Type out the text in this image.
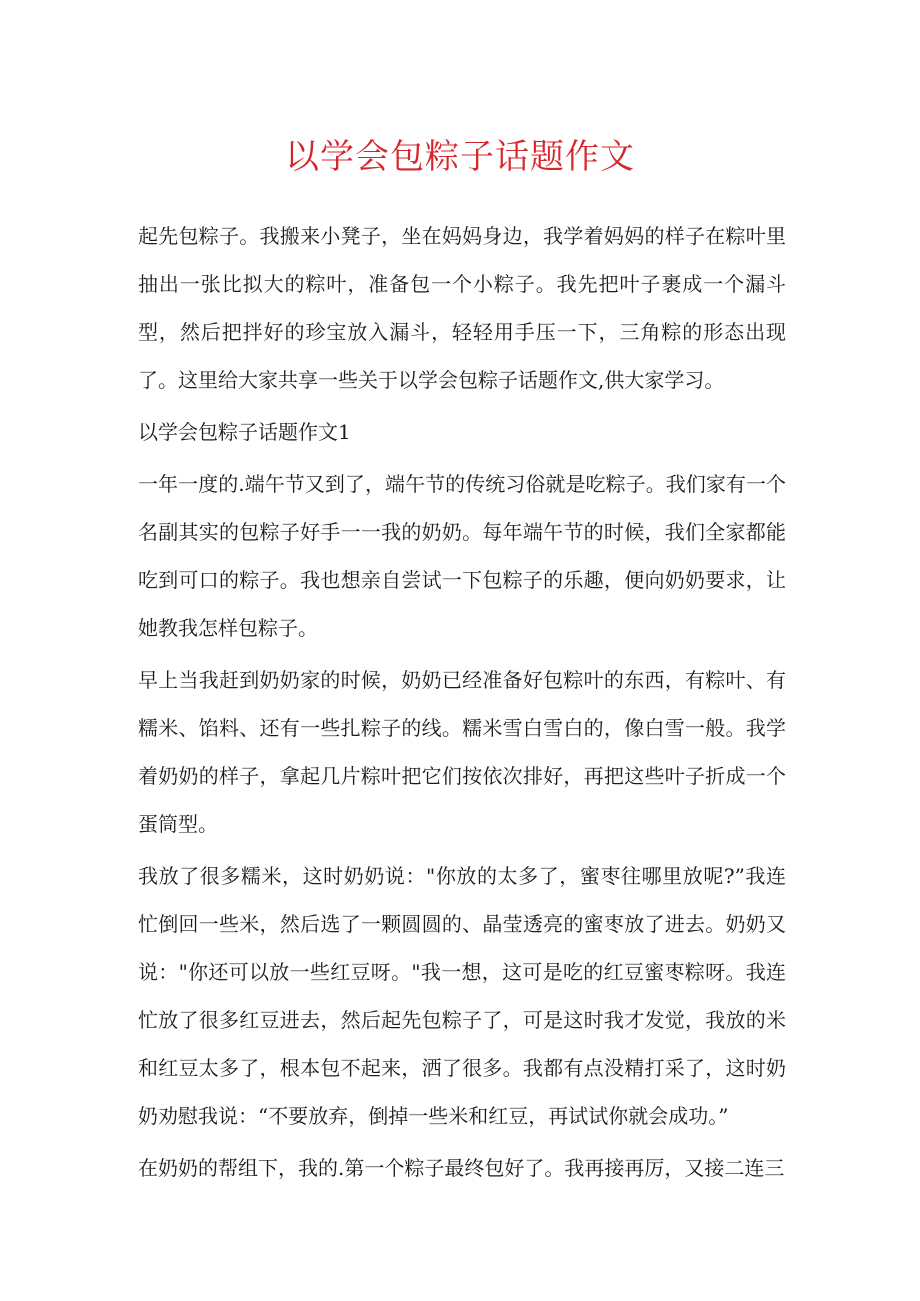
以学会包粽子话题作文

起先包粽子。我搬来小凳子，坐在妈妈身边，我学着妈妈的样子在粽叶里抽出一张比拟大的粽叶，准备包一个小粽子。我先把叶子裹成一个漏斗型，然后把拌好的珍宝放入漏斗，轻轻用手压一下，三角粽的形态出现了。这里给大家共享一些关于以学会包粽子话题作文,供大家学习。

以学会包粽子话题作文1

一年一度的.端午节又到了，端午节的传统习俗就是吃粽子。我们家有一个名副其实的包粽子好手一一我的奶奶。每年端午节的时候，我们全家都能吃到可口的粽子。我也想亲自尝试一下包粽子的乐趣，便向奶奶要求，让她教我怎样包粽子。

早上当我赶到奶奶家的时候，奶奶已经准备好包粽叶的东西，有粽叶、有糯米、馅料、还有一些扎粽子的线。糯米雪白雪白的，像白雪一般。我学着奶奶的样子，拿起几片粽叶把它们按依次排好，再把这些叶子折成一个蛋筒型。

我放了很多糯米，这时奶奶说："你放的太多了，蜜枣往哪里放呢?”我连忙倒回一些米，然后选了一颗圆圆的、晶莹透亮的蜜枣放了进去。奶奶又说："你还可以放一些红豆呀。"我一想，这可是吃的红豆蜜枣粽呀。我连忙放了很多红豆进去，然后起先包粽子了，可是这时我才发觉，我放的米和红豆太多了，根本包不起来，洒了很多。我都有点没精打采了，这时奶奶劝慰我说：“不要放弃，倒掉一些米和红豆，再试试你就会成功。”

在奶奶的帮组下，我的.第一个粽子最终包好了。我再接再厉，又接二连三
